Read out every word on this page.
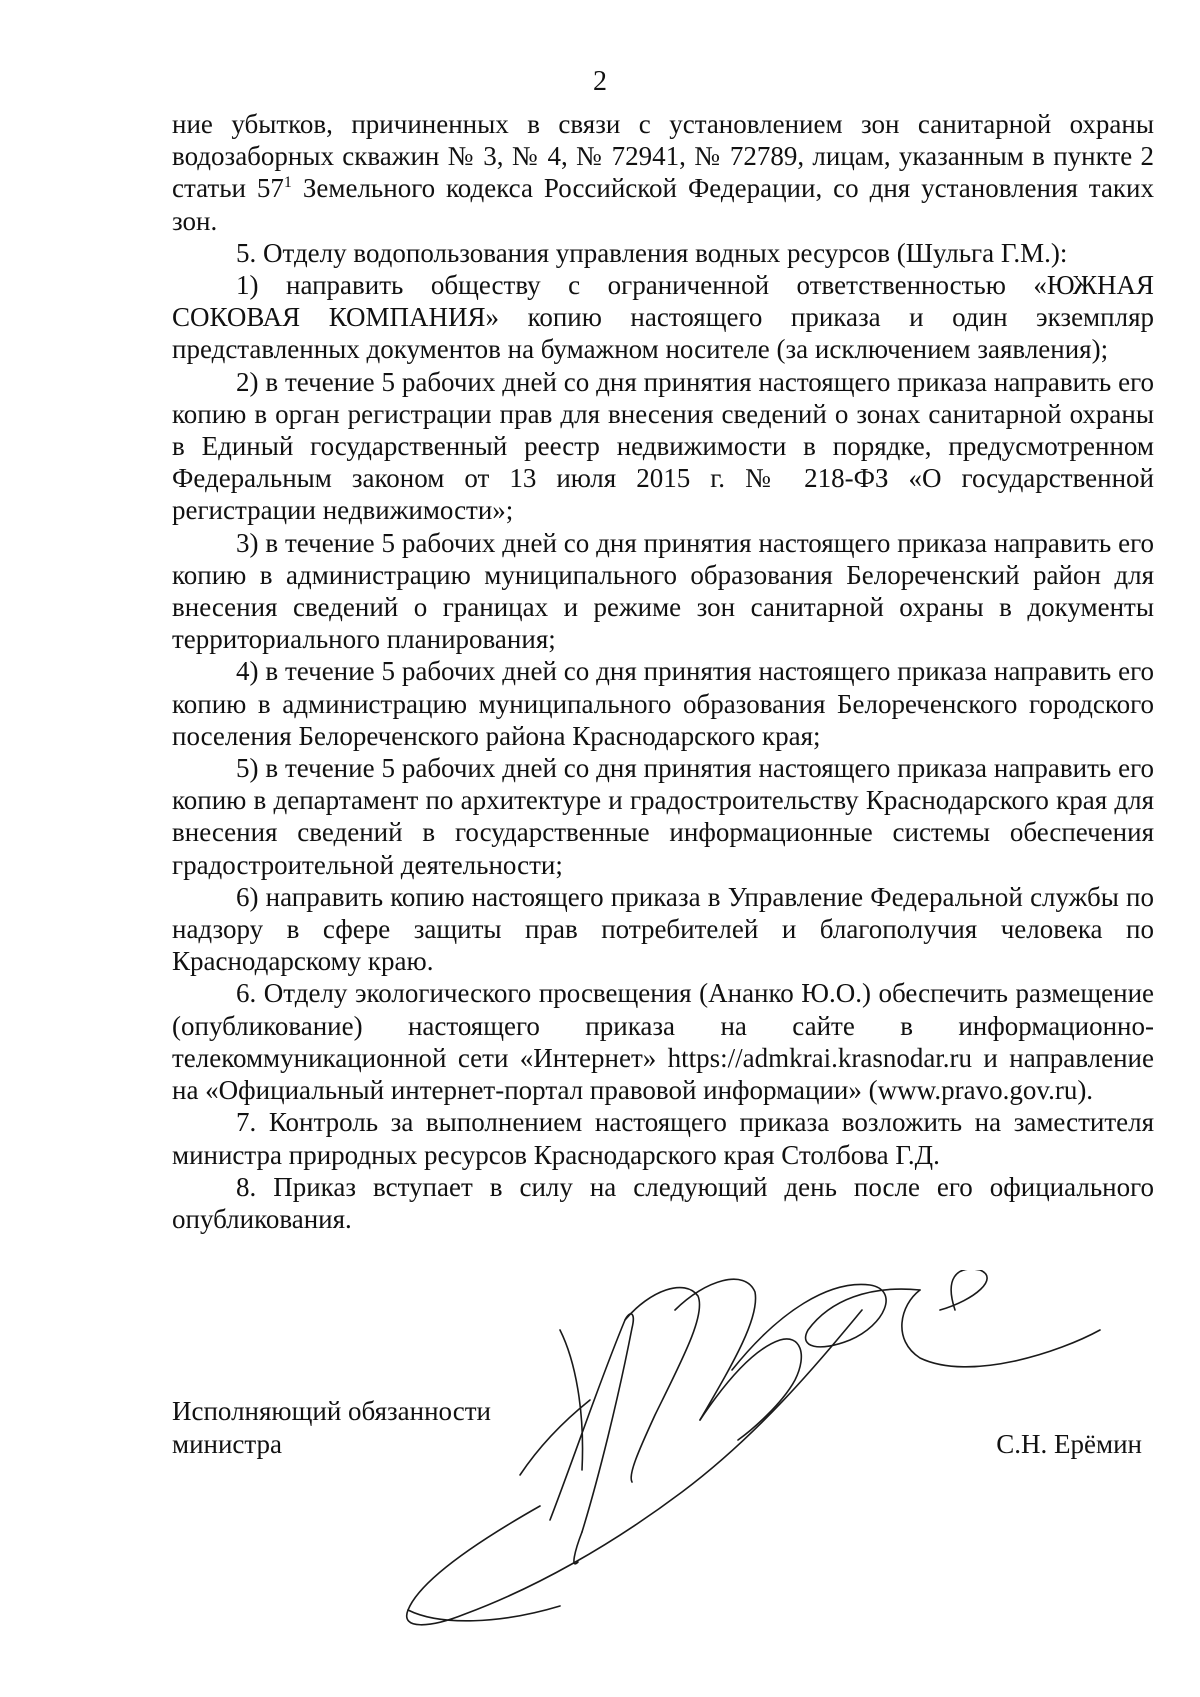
2

ние убытков, причиненных в связи с установлением зон санитарной охраны водозаборных скважин № 3, № 4, № 72941, № 72789, лицам, указанным в пункте 2 статьи $57^1$ Земельного кодекса Российской Федерации, со дня установления таких зон.

5. Отделу водопользования управления водных ресурсов (Шульга Г.М.):

1) направить обществу с ограниченной ответственностью «ЮЖНАЯ СОКОВАЯ КОМПАНИЯ» копию настоящего приказа и один экземпляр представленных документов на бумажном носителе (за исключением заявления);

2) в течение 5 рабочих дней со дня принятия настоящего приказа направить его копию в орган регистрации прав для внесения сведений о зонах санитарной охраны в Единый государственный реестр недвижимости в порядке, предусмотренном Федеральным законом от 13 июля 2015 г. № 218-ФЗ «О государственной регистрации недвижимости»;

3) в течение 5 рабочих дней со дня принятия настоящего приказа направить его копию в администрацию муниципального образования Белореченский район для внесения сведений о границах и режиме зон санитарной охраны в документы территориального планирования;

4) в течение 5 рабочих дней со дня принятия настоящего приказа направить его копию в администрацию муниципального образования Белореченского городского поселения Белореченского района Краснодарского края;

5) в течение 5 рабочих дней со дня принятия настоящего приказа направить его копию в департамент по архитектуре и градостроительству Краснодарского края для внесения сведений в государственные информационные системы обеспечения градостроительной деятельности;

6) направить копию настоящего приказа в Управление Федеральной службы по надзору в сфере защиты прав потребителей и благополучия человека по Краснодарскому краю.

6. Отделу экологического просвещения (Ананко Ю.О.) обеспечить размещение (опубликование) настоящего приказа на сайте в информационно-телекоммуникационной сети «Интернет» https://admkrai.krasnodar.ru и направление на «Официальный интернет-портал правовой информации» (www.pravo.gov.ru).

7. Контроль за выполнением настоящего приказа возложить на заместителя министра природных ресурсов Краснодарского края Столбова Г.Д.

8. Приказ вступает в силу на следующий день после его официального опубликования.

Исполняющий обязанности
министра	С.Н. Ерёмин
